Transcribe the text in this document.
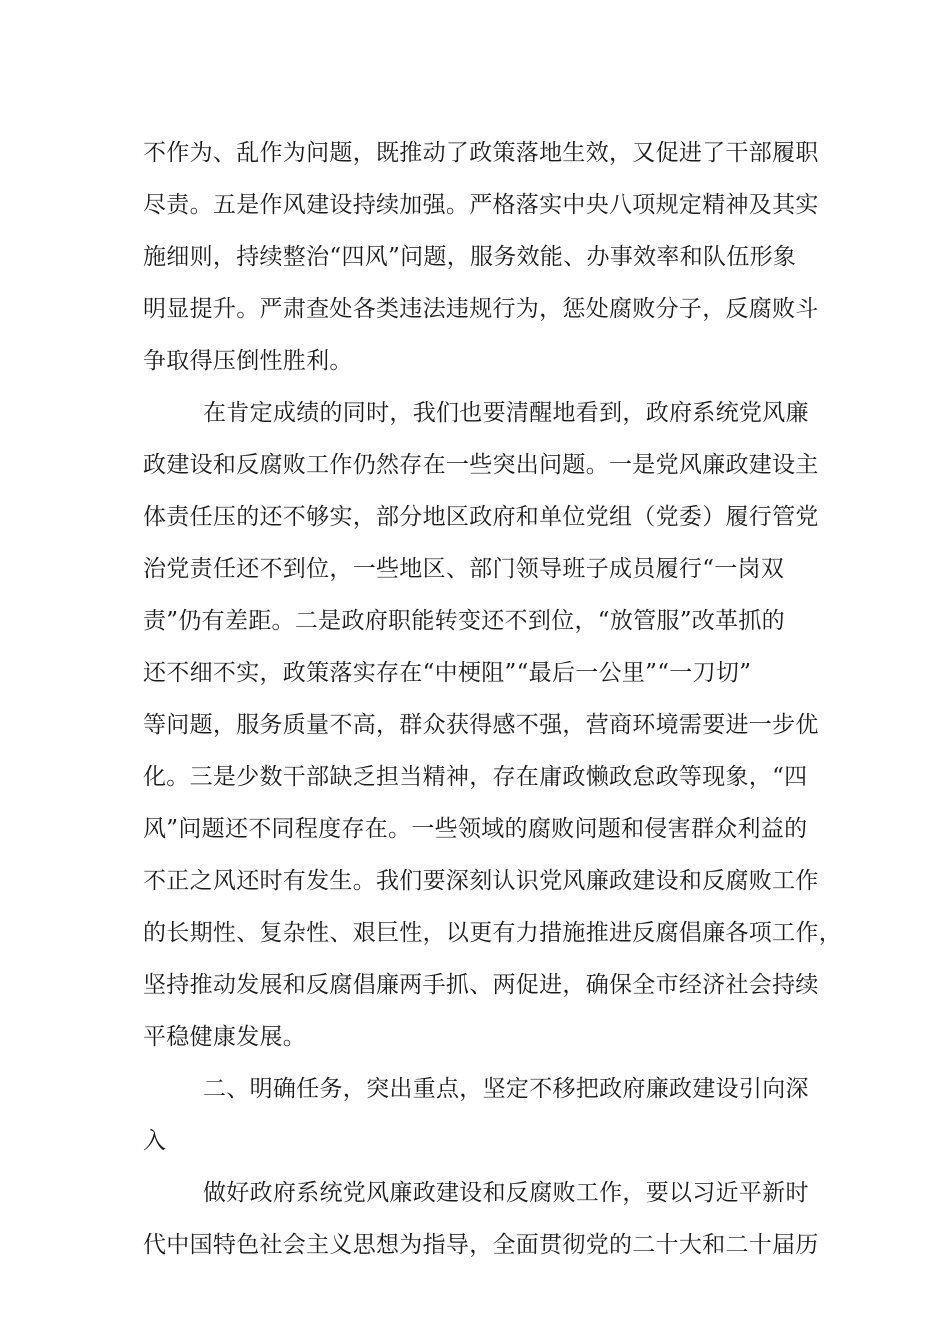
不作为、乱作为问题，既推动了政策落地生效，又促进了干部履职
尽责。五是作风建设持续加强。严格落实中央八项规定精神及其实
施细则，持续整治“四风”问题，服务效能、办事效率和队伍形象
明显提升。严肃查处各类违法违规行为，惩处腐败分子，反腐败斗
争取得压倒性胜利。
在肯定成绩的同时，我们也要清醒地看到，政府系统党风廉
政建设和反腐败工作仍然存在一些突出问题。一是党风廉政建设主
体责任压的还不够实，部分地区政府和单位党组（党委）履行管党
治党责任还不到位，一些地区、部门领导班子成员履行“一岗双
责”仍有差距。二是政府职能转变还不到位，“放管服”改革抓的
还不细不实，政策落实存在“中梗阻”“最后一公里”“一刀切”
等问题，服务质量不高，群众获得感不强，营商环境需要进一步优
化。三是少数干部缺乏担当精神，存在庸政懒政怠政等现象，“四
风”问题还不同程度存在。一些领域的腐败问题和侵害群众利益的
不正之风还时有发生。我们要深刻认识党风廉政建设和反腐败工作
的长期性、复杂性、艰巨性，以更有力措施推进反腐倡廉各项工作，
坚持推动发展和反腐倡廉两手抓、两促进，确保全市经济社会持续
平稳健康发展。
二、明确任务，突出重点，坚定不移把政府廉政建设引向深
入
做好政府系统党风廉政建设和反腐败工作，要以习近平新时
代中国特色社会主义思想为指导，全面贯彻党的二十大和二十届历
